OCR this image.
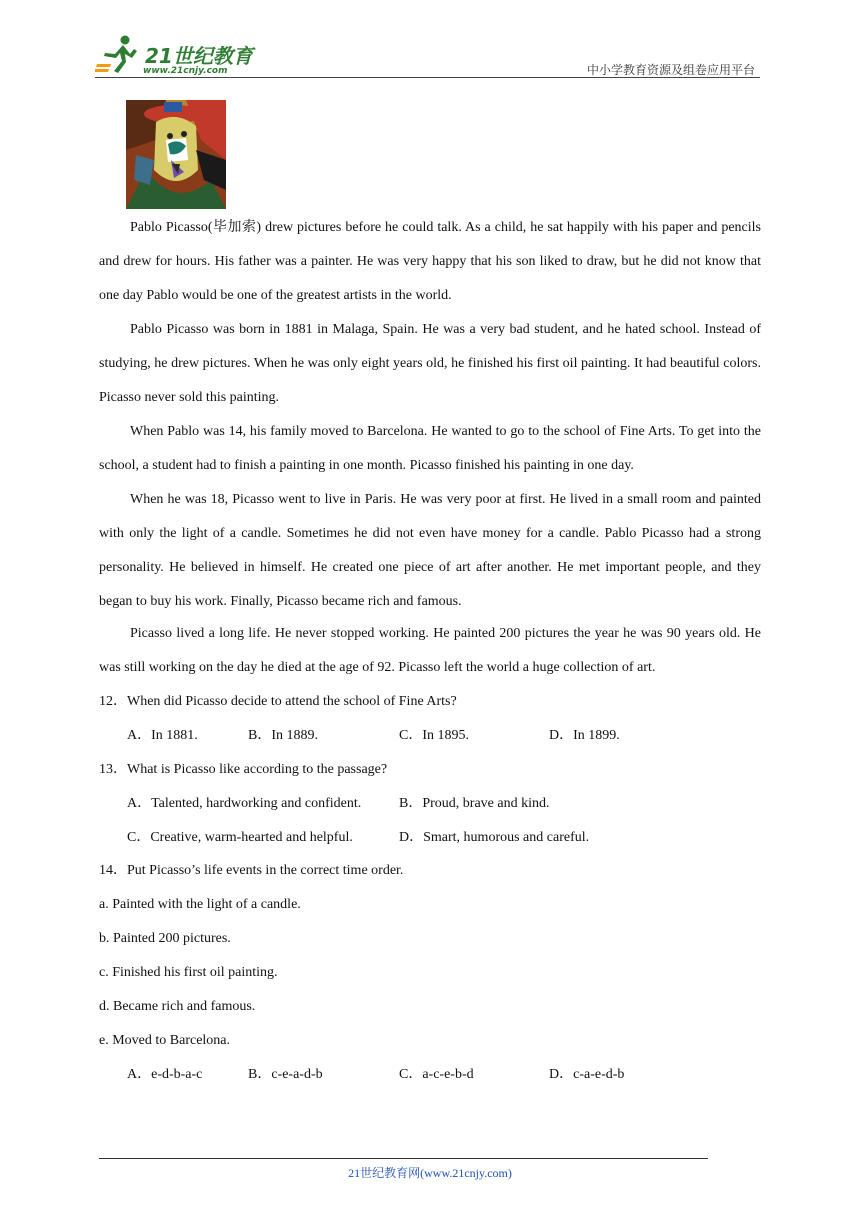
21世纪教育
www.21cnjy.com	中小学教育资源及组卷应用平台
Pablo Picasso(毕加索) drew pictures before he could talk. As a child, he sat happily with his paper and pencils and drew for hours. His father was a painter. He was very happy that his son liked to draw, but he did not know that one day Pablo would be one of the greatest artists in the world.
Pablo Picasso was born in 1881 in Malaga, Spain. He was a very bad student, and he hated school. Instead of studying, he drew pictures. When he was only eight years old, he finished his first oil painting. It had beautiful colors. Picasso never sold this painting.
When Pablo was 14, his family moved to Barcelona. He wanted to go to the school of Fine Arts. To get into the school, a student had to finish a painting in one month. Picasso finished his painting in one day.
When he was 18, Picasso went to live in Paris. He was very poor at first. He lived in a small room and painted with only the light of a candle. Sometimes he did not even have money for a candle. Pablo Picasso had a strong personality. He believed in himself. He created one piece of art after another. He met important people, and they began to buy his work. Finally, Picasso became rich and famous.
Picasso lived a long life. He never stopped working. He painted 200 pictures the year he was 90 years old. He was still working on the day he died at the age of 92. Picasso left the world a huge collection of art.
12．When did Picasso decide to attend the school of Fine Arts?
A．In 1881.	B．In 1889.	C．In 1895.	D．In 1899.
13．What is Picasso like according to the passage?
A．Talented, hardworking and confident.	B．Proud, brave and kind.
C．Creative, warm-hearted and helpful.	D．Smart, humorous and careful.
14．Put Picasso’s life events in the correct time order.
a. Painted with the light of a candle.
b. Painted 200 pictures.
c. Finished his first oil painting.
d. Became rich and famous.
e. Moved to Barcelona.
A．e-d-b-a-c	B．c-e-a-d-b	C．a-c-e-b-d	D．c-a-e-d-b
21世纪教育网(www.21cnjy.com)
